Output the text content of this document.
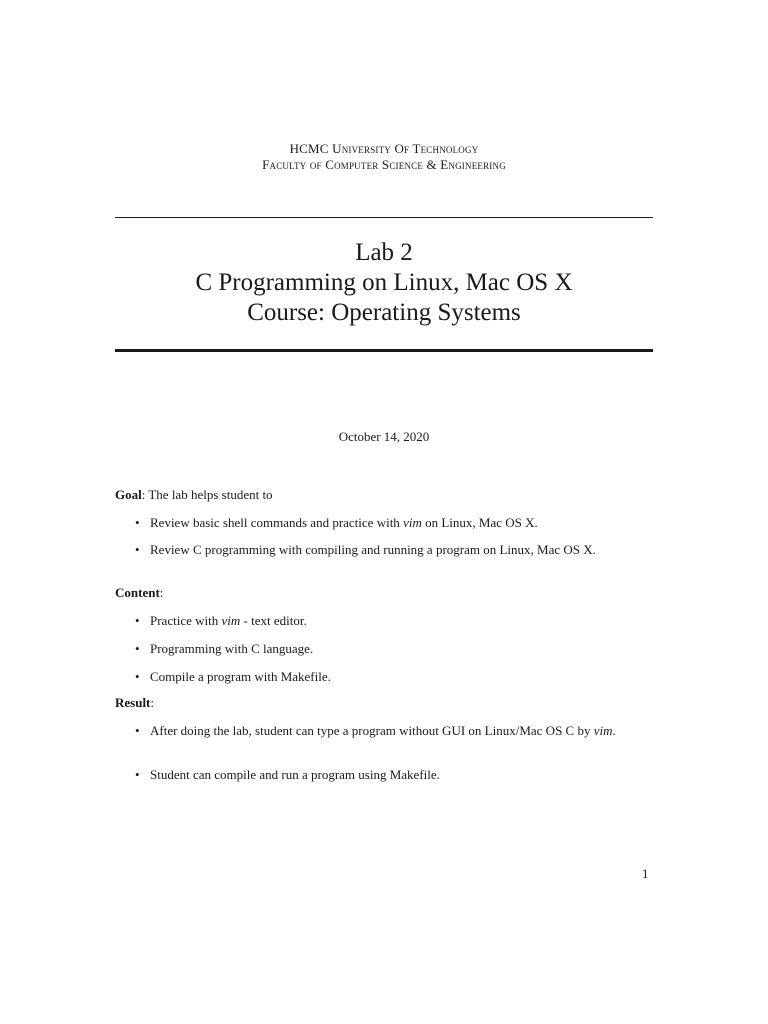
HCMC University Of Technology
Faculty of Computer Science & Engineering
Lab 2
C Programming on Linux, Mac OS X
Course: Operating Systems
October 14, 2020
Goal: The lab helps student to
• Review basic shell commands and practice with vim on Linux, Mac OS X.
• Review C programming with compiling and running a program on Linux, Mac OS X.
Content:
• Practice with vim - text editor.
• Programming with C language.
• Compile a program with Makefile.
Result:
• After doing the lab, student can type a program without GUI on Linux/Mac OS C by vim.
• Student can compile and run a program using Makefile.
1
